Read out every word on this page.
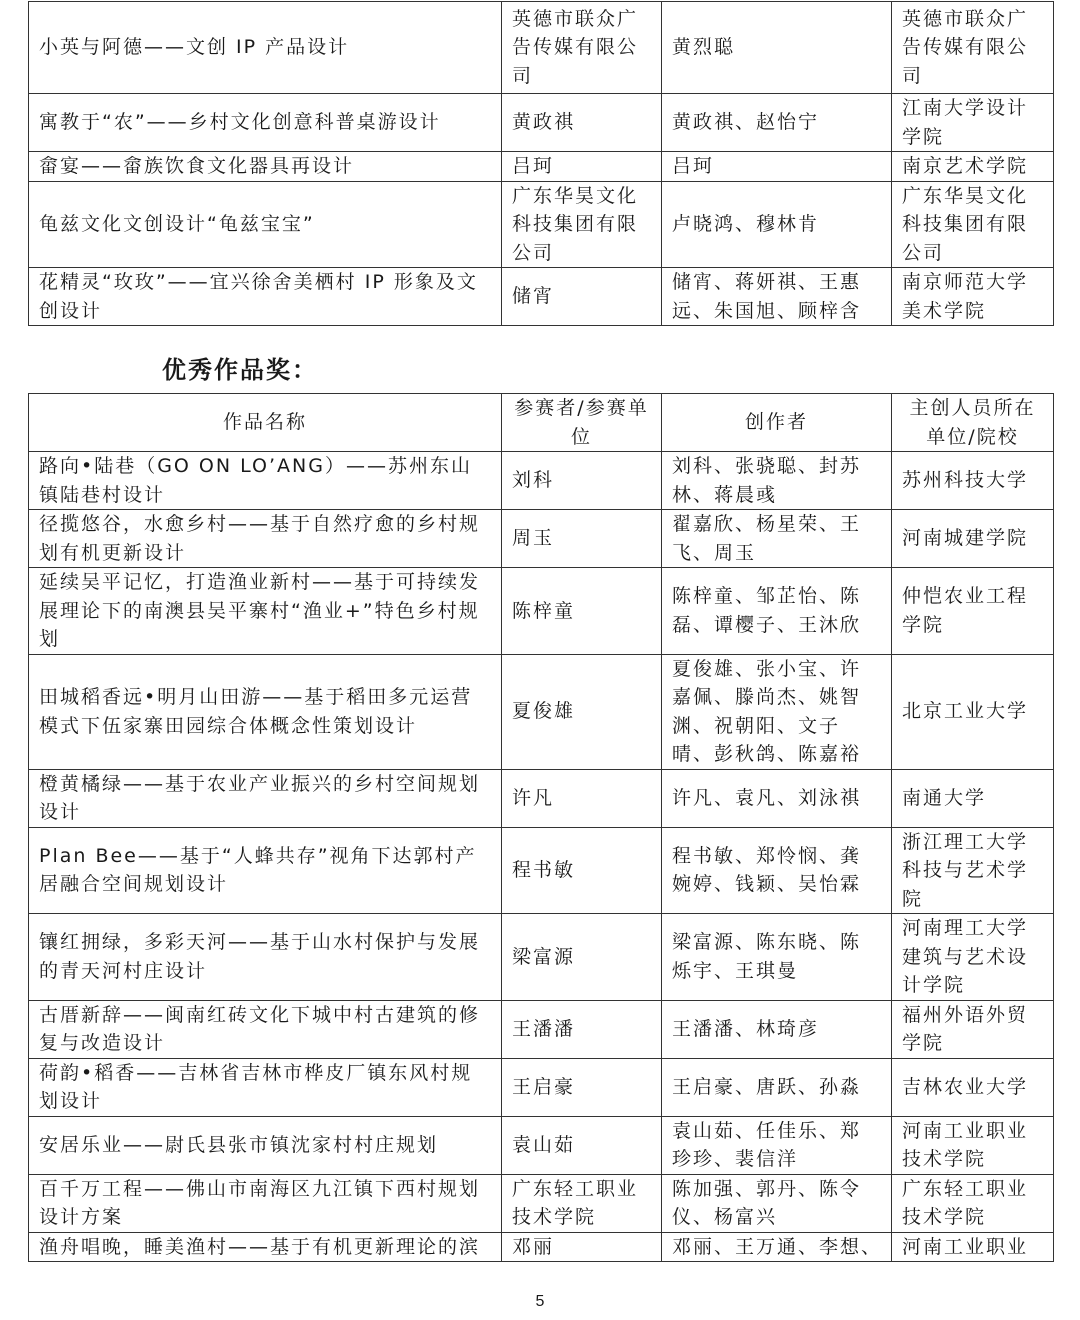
小英与阿德——文创 IP 产品设计	英德市联众广告传媒有限公司	黄烈聪	英德市联众广告传媒有限公司
寓教于“农”——乡村文化创意科普桌游设计	黄政祺	黄政祺、赵怡宁	江南大学设计学院
畲宴——畲族饮食文化器具再设计	吕珂	吕珂	南京艺术学院
龟兹文化文创设计“龟兹宝宝”	广东华昊文化科技集团有限公司	卢晓鸿、穆林肯	广东华昊文化科技集团有限公司
花精灵“玫玫”——宜兴徐舍美栖村 IP 形象及文创设计	储宵	储宵、蒋妍祺、王惠远、朱国旭、顾梓含	南京师范大学美术学院
优秀作品奖：
作品名称	参赛者/参赛单位	创作者	主创人员所在单位/院校
路向•陆巷（GO ON LO’ANG）——苏州东山镇陆巷村设计	刘科	刘科、张骁聪、封苏林、蒋晨彧	苏州科技大学
径揽悠谷，水愈乡村——基于自然疗愈的乡村规划有机更新设计	周玉	翟嘉欣、杨星荣、王飞、周玉	河南城建学院
延续吴平记忆，打造渔业新村——基于可持续发展理论下的南澳县吴平寨村“渔业+”特色乡村规划	陈梓童	陈梓童、邹芷怡、陈磊、谭樱子、王沐欣	仲恺农业工程学院
田城稻香远•明月山田游——基于稻田多元运营模式下伍家寨田园综合体概念性策划设计	夏俊雄	夏俊雄、张小宝、许嘉佩、滕尚杰、姚智渊、祝朝阳、文子晴、彭秋鸽、陈嘉裕	北京工业大学
橙黄橘绿——基于农业产业振兴的乡村空间规划设计	许凡	许凡、袁凡、刘泳祺	南通大学
Plan Bee——基于“人蜂共存”视角下达郭村产居融合空间规划设计	程书敏	程书敏、郑怜悯、龚婉婷、钱颖、吴怡霖	浙江理工大学科技与艺术学院
镶红拥绿，多彩天河——基于山水村保护与发展的青天河村庄设计	梁富源	梁富源、陈东晓、陈烁宇、王琪曼	河南理工大学建筑与艺术设计学院
古厝新辞——闽南红砖文化下城中村古建筑的修复与改造设计	王潘潘	王潘潘、林琦彦	福州外语外贸学院
荷韵•稻香——吉林省吉林市桦皮厂镇东风村规划设计	王启豪	王启豪、唐跃、孙淼	吉林农业大学
安居乐业——尉氏县张市镇沈家村村庄规划	袁山茹	袁山茹、任佳乐、郑珍珍、裴信洋	河南工业职业技术学院
百千万工程——佛山市南海区九江镇下西村规划设计方案	广东轻工职业技术学院	陈加强、郭丹、陈令仪、杨富兴	广东轻工职业技术学院
渔舟唱晚，睡美渔村——基于有机更新理论的滨	邓丽	邓丽、王万通、李想、	河南工业职业
5
